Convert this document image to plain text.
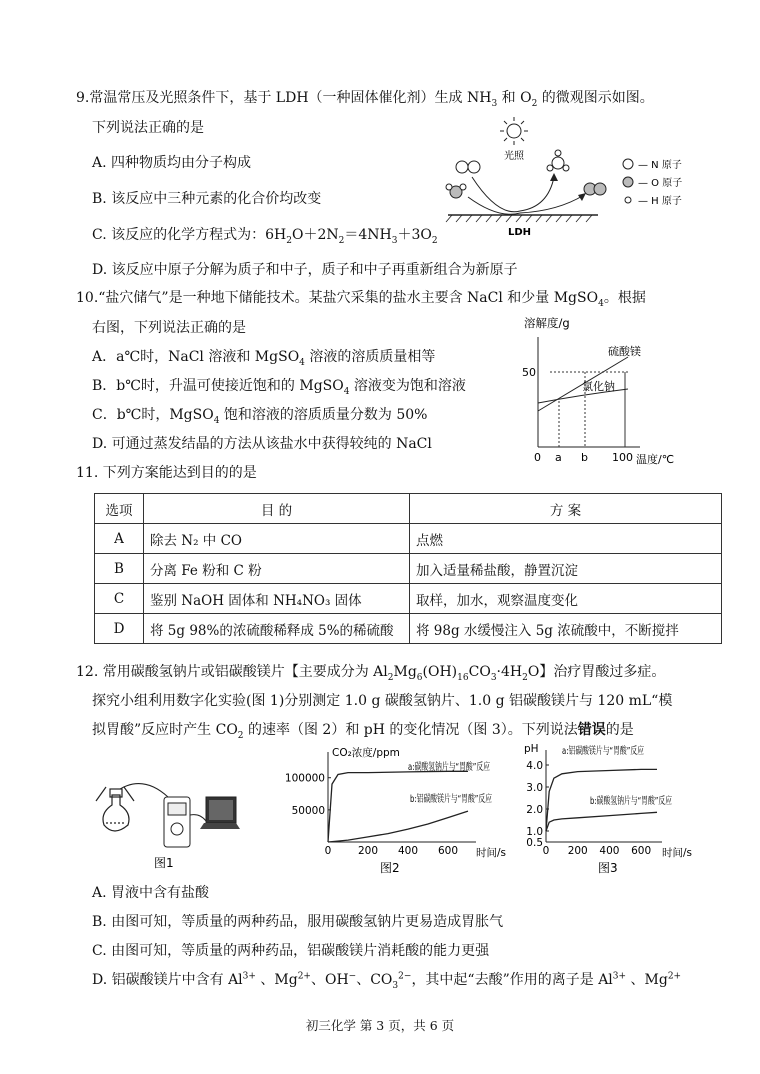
9.常温常压及光照条件下，基于 LDH（一种固体催化剂）生成 $NH_3$ 和 $O_2$ 的微观图示如图。
下列说法正确的是
A. 四种物质均由分子构成
B. 该反应中三种元素的化合价均改变
C. 该反应的化学方程式为：$6H_2O+2N_2=4NH_3+3O_2$
D. 该反应中原子分解为质子和中子，质子和中子再重新组合为新原子
光照
LDH
— N 原子
— O 原子
— H 原子
10.“盐穴储气”是一种地下储能技术。某盐穴采集的盐水主要含 NaCl 和少量 MgSO$_4$。根据
右图，下列说法正确的是
A．a℃时，NaCl 溶液和 MgSO$_4$ 溶液的溶质质量相等
B．b℃时，升温可使接近饱和的 MgSO$_4$ 溶液变为饱和溶液
C．b℃时，MgSO$_4$ 饱和溶液的溶质质量分数为 50%
D. 可通过蒸发结晶的方法从该盐水中获得较纯的 NaCl
溶解度/g
硫酸镁
氯化钠
50
0 a b 100 温度/℃
11. 下列方案能达到目的的是
选项	目 的	方 案
A	除去 N₂ 中 CO	点燃
B	分离 Fe 粉和 C 粉	加入适量稀盐酸，静置沉淀
C	鉴别 NaOH 固体和 NH₄NO₃ 固体	取样，加水，观察温度变化
D	将 5g 98%的浓硫酸稀释成 5%的稀硫酸	将 98g 水缓慢注入 5g 浓硫酸中，不断搅拌
12. 常用碳酸氢钠片或铝碳酸镁片【主要成分为 $Al_2Mg_6(OH)_{16}CO_3\cdot 4H_2O$】治疗胃酸过多症。
探究小组利用数字化实验(图 1)分别测定 1.0 g 碳酸氢钠片、1.0 g 铝碳酸镁片与 120 mL“模
拟胃酸”反应时产生 $CO_2$ 的速率（图 2）和 pH 的变化情况（图 3）。下列说法错误的是
图1
CO₂浓度/ppm
a:碳酸氢钠片与“胃酸”反应
b:铝碳酸镁片与“胃酸”反应
0	200 400 600
50000
100000
时间/s
图2
pH a:铝碳酸镁片与“胃酸”反应
b:碳酸氢钠片与“胃酸”反应
0 200 400 600
0.5
1.0
2.0
3.0
4.0
时间/s
图3
A. 胃液中含有盐酸
B. 由图可知，等质量的两种药品，服用碳酸氢钠片更易造成胃胀气
C. 由图可知，等质量的两种药品，铝碳酸镁片消耗酸的能力更强
D. 铝碳酸镁片中含有 $Al^{3+}$ 、$Mg^{2+}$、OH−、$CO_3^{2-}$，其中起“去酸”作用的离子是 $Al^{3+}$ 、$Mg^{2+}$
初三化学 第 3 页，共 6 页
